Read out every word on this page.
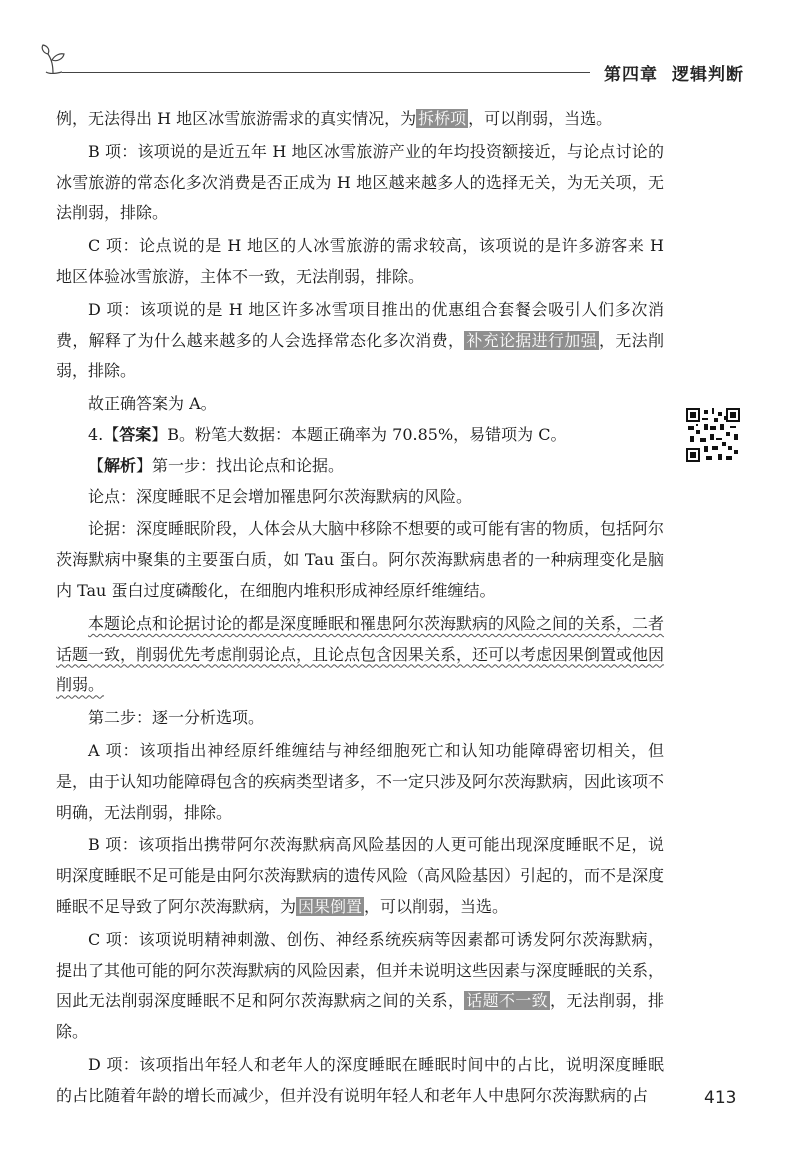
第四章 逻辑判断

例，无法得出 H 地区冰雪旅游需求的真实情况，为 拆桥项 ，可以削弱，当选。

B 项：该项说的是近五年 H 地区冰雪旅游产业的年均投资额接近，与论点讨论的冰雪旅游的常态化多次消费是否正成为 H 地区越来越多人的选择无关，为无关项，无法削弱，排除。

C 项：论点说的是 H 地区的人冰雪旅游的需求较高，该项说的是许多游客来 H 地区体验冰雪旅游，主体不一致，无法削弱，排除。

D 项：该项说的是 H 地区许多冰雪项目推出的优惠组合套餐会吸引人们多次消费，解释了为什么越来越多的人会选择常态化多次消费， 补充论据进行加强 ，无法削弱，排除。

故正确答案为 A。

4.【答案】B。粉笔大数据：本题正确率为 70.85%，易错项为 C。

【解析】第一步：找出论点和论据。

论点：深度睡眠不足会增加罹患阿尔茨海默病的风险。

论据：深度睡眠阶段，人体会从大脑中移除不想要的或可能有害的物质，包括阿尔茨海默病中聚集的主要蛋白质，如 Tau 蛋白。阿尔茨海默病患者的一种病理变化是脑内 Tau 蛋白过度磷酸化，在细胞内堆积形成神经原纤维缠结。

本题论点和论据讨论的都是深度睡眠和罹患阿尔茨海默病的风险之间的关系，二者话题一致，削弱优先考虑削弱论点，且论点包含因果关系，还可以考虑因果倒置或他因削弱。

第二步：逐一分析选项。

A 项：该项指出神经原纤维缠结与神经细胞死亡和认知功能障碍密切相关，但是，由于认知功能障碍包含的疾病类型诸多，不一定只涉及阿尔茨海默病，因此该项不明确，无法削弱，排除。

B 项：该项指出携带阿尔茨海默病高风险基因的人更可能出现深度睡眠不足，说明深度睡眠不足可能是由阿尔茨海默病的遗传风险（高风险基因）引起的，而不是深度睡眠不足导致了阿尔茨海默病，为 因果倒置 ，可以削弱，当选。

C 项：该项说明精神刺激、创伤、神经系统疾病等因素都可诱发阿尔茨海默病，提出了其他可能的阿尔茨海默病的风险因素，但并未说明这些因素与深度睡眠的关系，因此无法削弱深度睡眠不足和阿尔茨海默病之间的关系， 话题不一致 ，无法削弱，排除。

D 项：该项指出年轻人和老年人的深度睡眠在睡眠时间中的占比，说明深度睡眠的占比随着年龄的增长而减少，但并没有说明年轻人和老年人中患阿尔茨海默病的占	413
